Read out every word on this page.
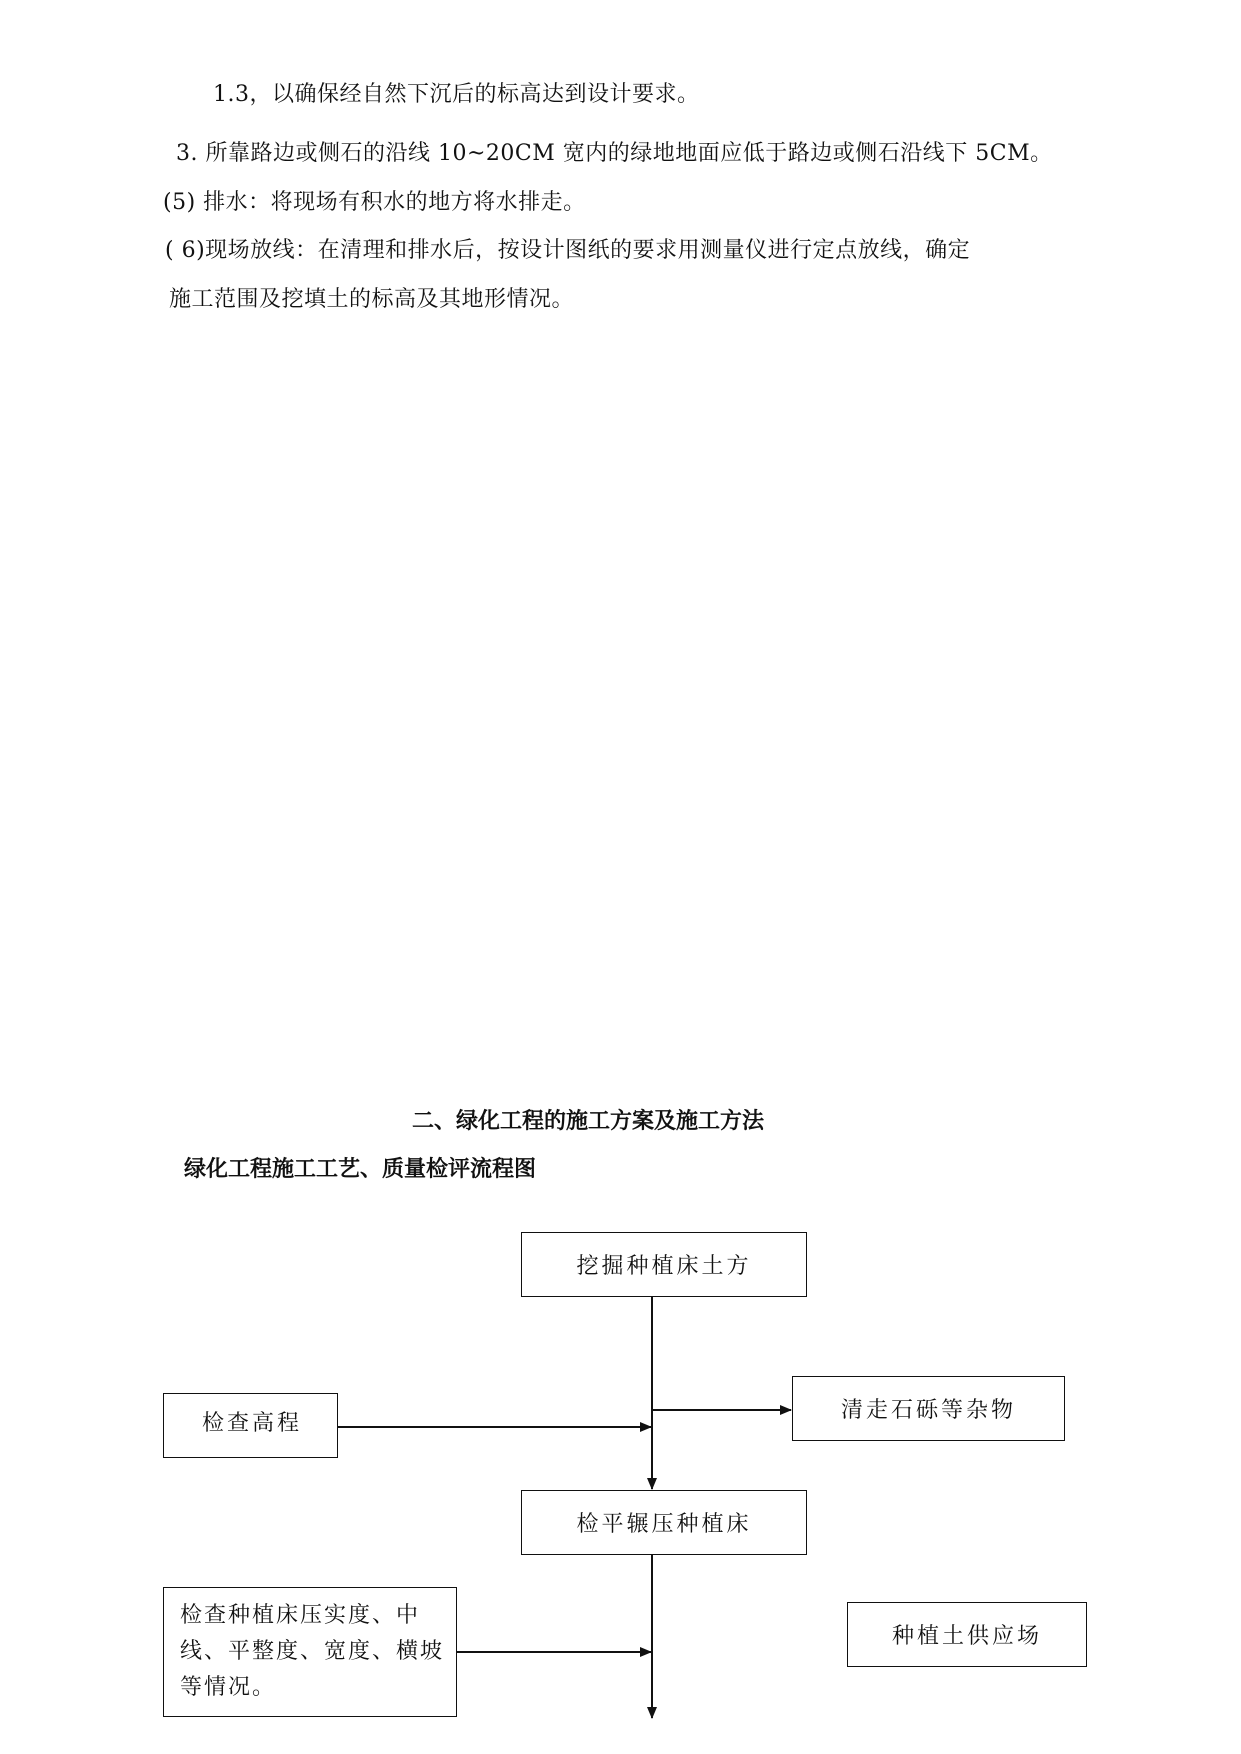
1.3，以确保经自然下沉后的标高达到设计要求。
3. 所靠路边或侧石的沿线 10~20CM 宽内的绿地地面应低于路边或侧石沿线下 5CM。
(5) 排水：将现场有积水的地方将水排走。
( 6)现场放线：在清理和排水后，按设计图纸的要求用测量仪进行定点放线，确定
施工范围及挖填土的标高及其地形情况。
二、绿化工程的施工方案及施工方法
绿化工程施工工艺、质量检评流程图
挖掘种植床土方
检查高程
清走石砾等杂物
检平辗压种植床
检查种植床压实度、中线、平整度、宽度、横坡等情况。
种植土供应场
